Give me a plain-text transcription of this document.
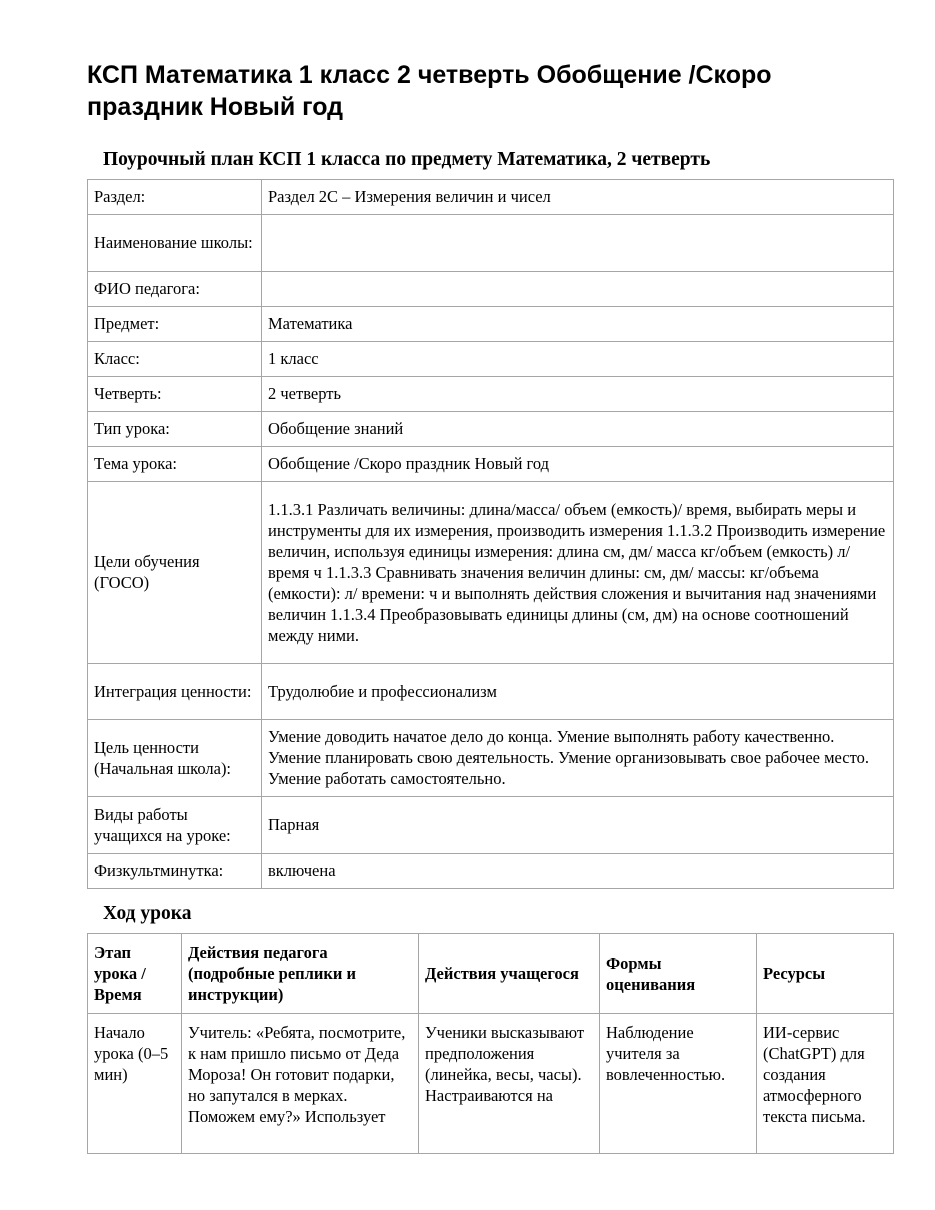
КСП Математика 1 класс 2 четверть Обобщение /Скоро праздник Новый год
Поурочный план КСП 1 класса по предмету Математика, 2 четверть
Раздел:	Раздел 2С – Измерения величин и чисел
Наименование школы:	
ФИО педагога:	
Предмет:	Математика
Класс:	1 класс
Четверть:	2 четверть
Тип урока:	Обобщение знаний
Тема урока:	Обобщение /Скоро праздник Новый год
Цели обучения (ГОСО)	1.1.3.1 Различать величины: длина/масса/ объем (емкость)/ время, выбирать меры и инструменты для их измерения, производить измерения 1.1.3.2 Производить измерение величин, используя единицы измерения: длина см, дм/ масса кг/объем (емкость) л/ время ч 1.1.3.3 Сравнивать значения величин длины: см, дм/ массы: кг/объема (емкости): л/ времени: ч и выполнять действия сложения и вычитания над значениями величин 1.1.3.4 Преобразовывать единицы длины (см, дм) на основе соотношений между ними.
Интеграция ценности:	Трудолюбие и профессионализм
Цель ценности (Начальная школа):	Умение доводить начатое дело до конца. Умение выполнять работу качественно. Умение планировать свою деятельность. Умение организовывать свое рабочее место. Умение работать самостоятельно.
Виды работы учащихся на уроке:	Парная
Физкультминутка:	включена
Ход урока
Этап урока / Время	Действия педагога (подробные реплики и инструкции)	Действия учащегося	Формы оценивания	Ресурсы
Начало урока (0–5 мин)	Учитель: «Ребята, посмотрите, к нам пришло письмо от Деда Мороза! Он готовит подарки, но запутался в мерках. Поможем ему?» Использует	Ученики высказывают предположения (линейка, весы, часы). Настраиваются на	Наблюдение учителя за вовлеченностью.	ИИ-сервис (ChatGPT) для создания атмосферного текста письма.
